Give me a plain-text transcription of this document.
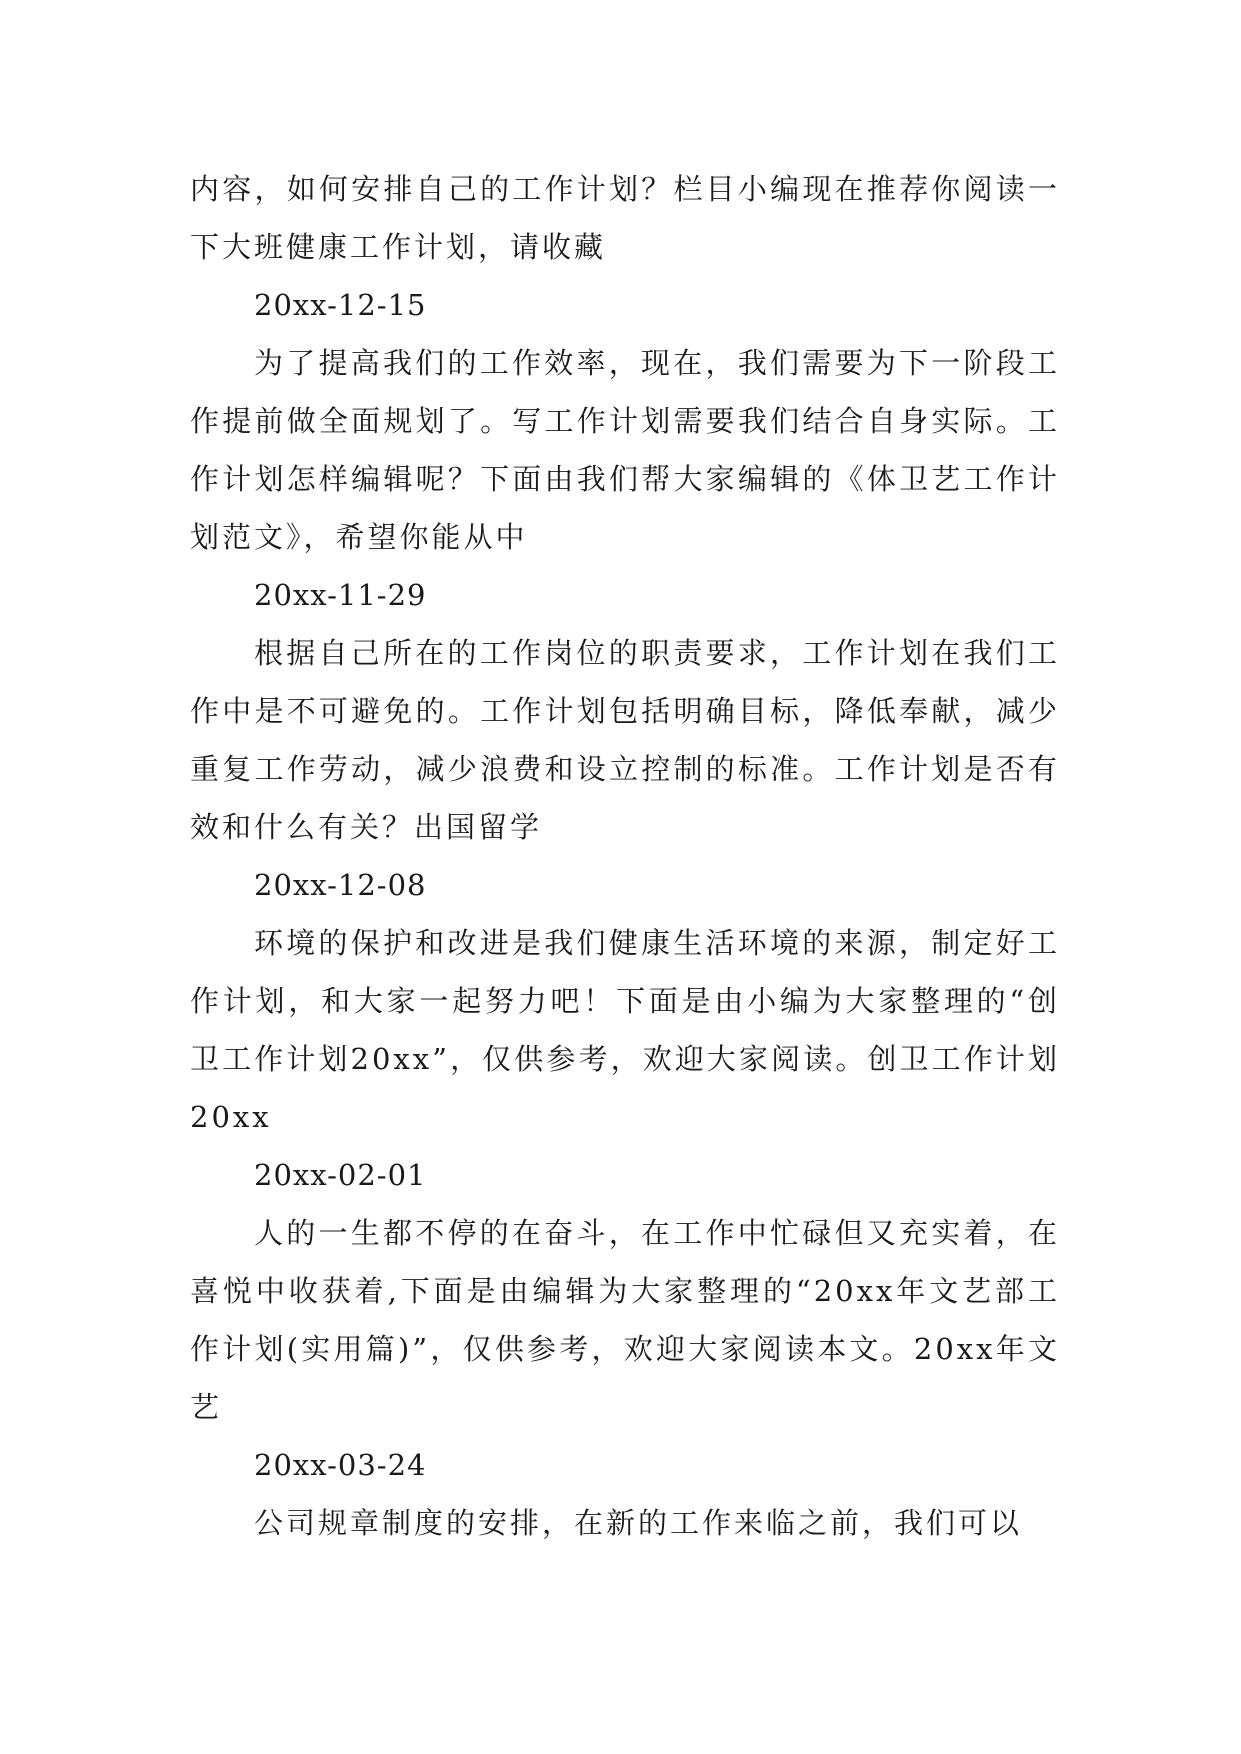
内容，如何安排自己的工作计划？栏目小编现在推荐你阅读一下大班健康工作计划，请收藏

20xx-12-15

为了提高我们的工作效率，现在，我们需要为下一阶段工作提前做全面规划了。写工作计划需要我们结合自身实际。工作计划怎样编辑呢？下面由我们帮大家编辑的《体卫艺工作计划范文》，希望你能从中

20xx-11-29

根据自己所在的工作岗位的职责要求，工作计划在我们工作中是不可避免的。工作计划包括明确目标，降低奉献，减少重复工作劳动，减少浪费和设立控制的标准。工作计划是否有效和什么有关？出国留学

20xx-12-08

环境的保护和改进是我们健康生活环境的来源，制定好工作计划，和大家一起努力吧！下面是由小编为大家整理的“创卫工作计划20xx”，仅供参考，欢迎大家阅读。创卫工作计划20xx

20xx-02-01

人的一生都不停的在奋斗，在工作中忙碌但又充实着，在喜悦中收获着,下面是由编辑为大家整理的“20xx年文艺部工作计划(实用篇)”，仅供参考，欢迎大家阅读本文。20xx年文艺

20xx-03-24

公司规章制度的安排，在新的工作来临之前，我们可以
